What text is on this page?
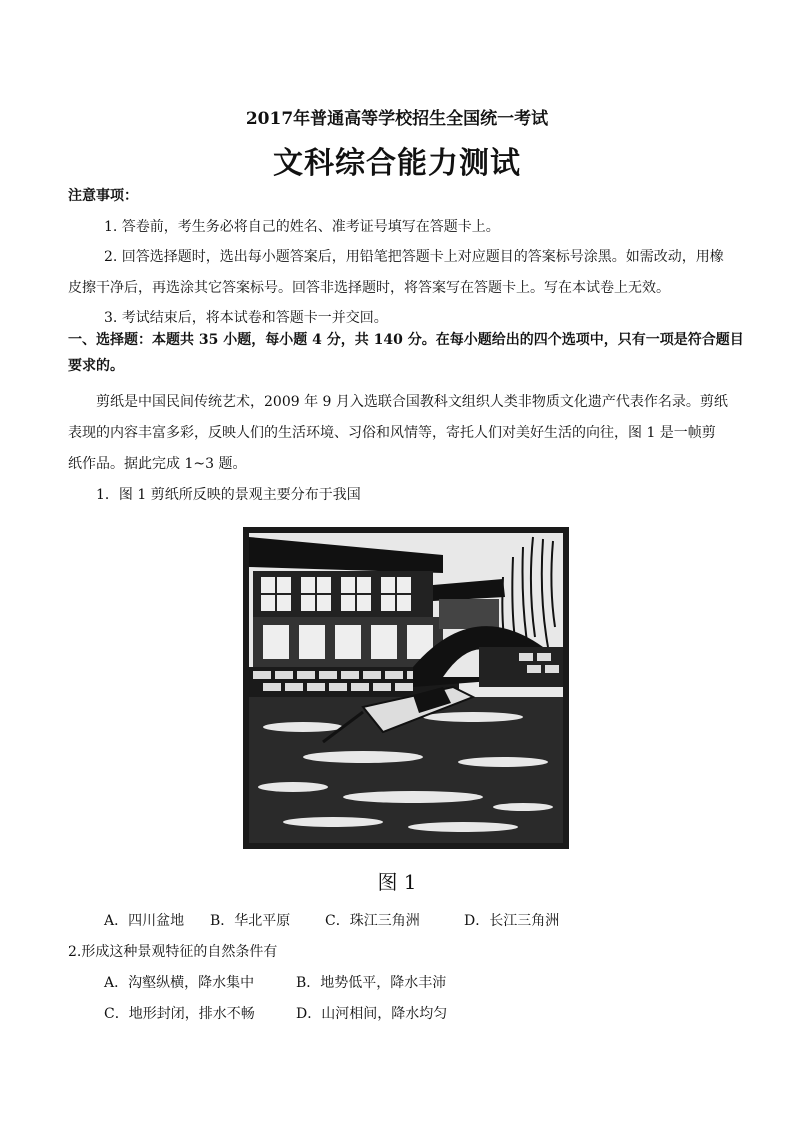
2017年普通高等学校招生全国统一考试
文科综合能力测试
注意事项：
1. 答卷前，考生务必将自己的姓名、准考证号填写在答题卡上。
2. 回答选择题时，选出每小题答案后，用铅笔把答题卡上对应题目的答案标号涂黑。如需改动，用橡
皮擦干净后，再选涂其它答案标号。回答非选择题时，将答案写在答题卡上。写在本试卷上无效。
3. 考试结束后，将本试卷和答题卡一并交回。
一、选择题：本题共 35 小题，每小题 4 分，共 140 分。在每小题给出的四个选项中，只有一项是符合题目
要求的。
剪纸是中国民间传统艺术，2009 年 9 月入选联合国教科文组织人类非物质文化遗产代表作名录。剪纸
表现的内容丰富多彩，反映人们的生活环境、习俗和风情等，寄托人们对美好生活的向往，图 1 是一帧剪
纸作品。据此完成 1~3 题。
1．图 1 剪纸所反映的景观主要分布于我国
图 1
A．四川盆地 B．华北平原 C．珠江三角洲	D．长江三角洲
2.形成这种景观特征的自然条件有
A．沟壑纵横，降水集中	B．地势低平，降水丰沛
C．地形封闭，排水不畅	D．山河相间，降水均匀
